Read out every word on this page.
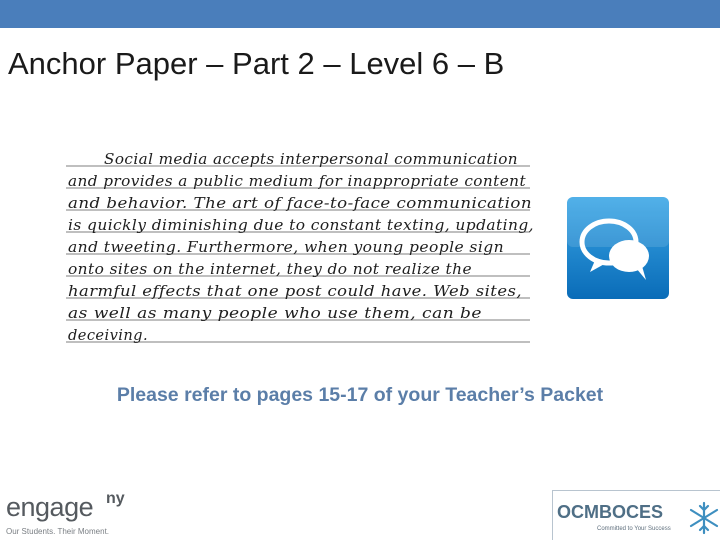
Anchor Paper – Part 2 – Level 6 – B
Social media accepts interpersonal communication
and provides a public medium for inappropriate content
and behavior. The art of face-to-face communication
is quickly diminishing due to constant texting, updating,
and tweeting. Furthermore, when young people sign
onto sites on the internet, they do not realize the
harmful effects that one post could have. Web sites,
as well as many people who use them, can be
deceiving.
Please refer to pages 15-17 of your Teacher’s Packet
engage ny
Our Students. Their Moment.
OCMBOCES
Committed to Your Success
